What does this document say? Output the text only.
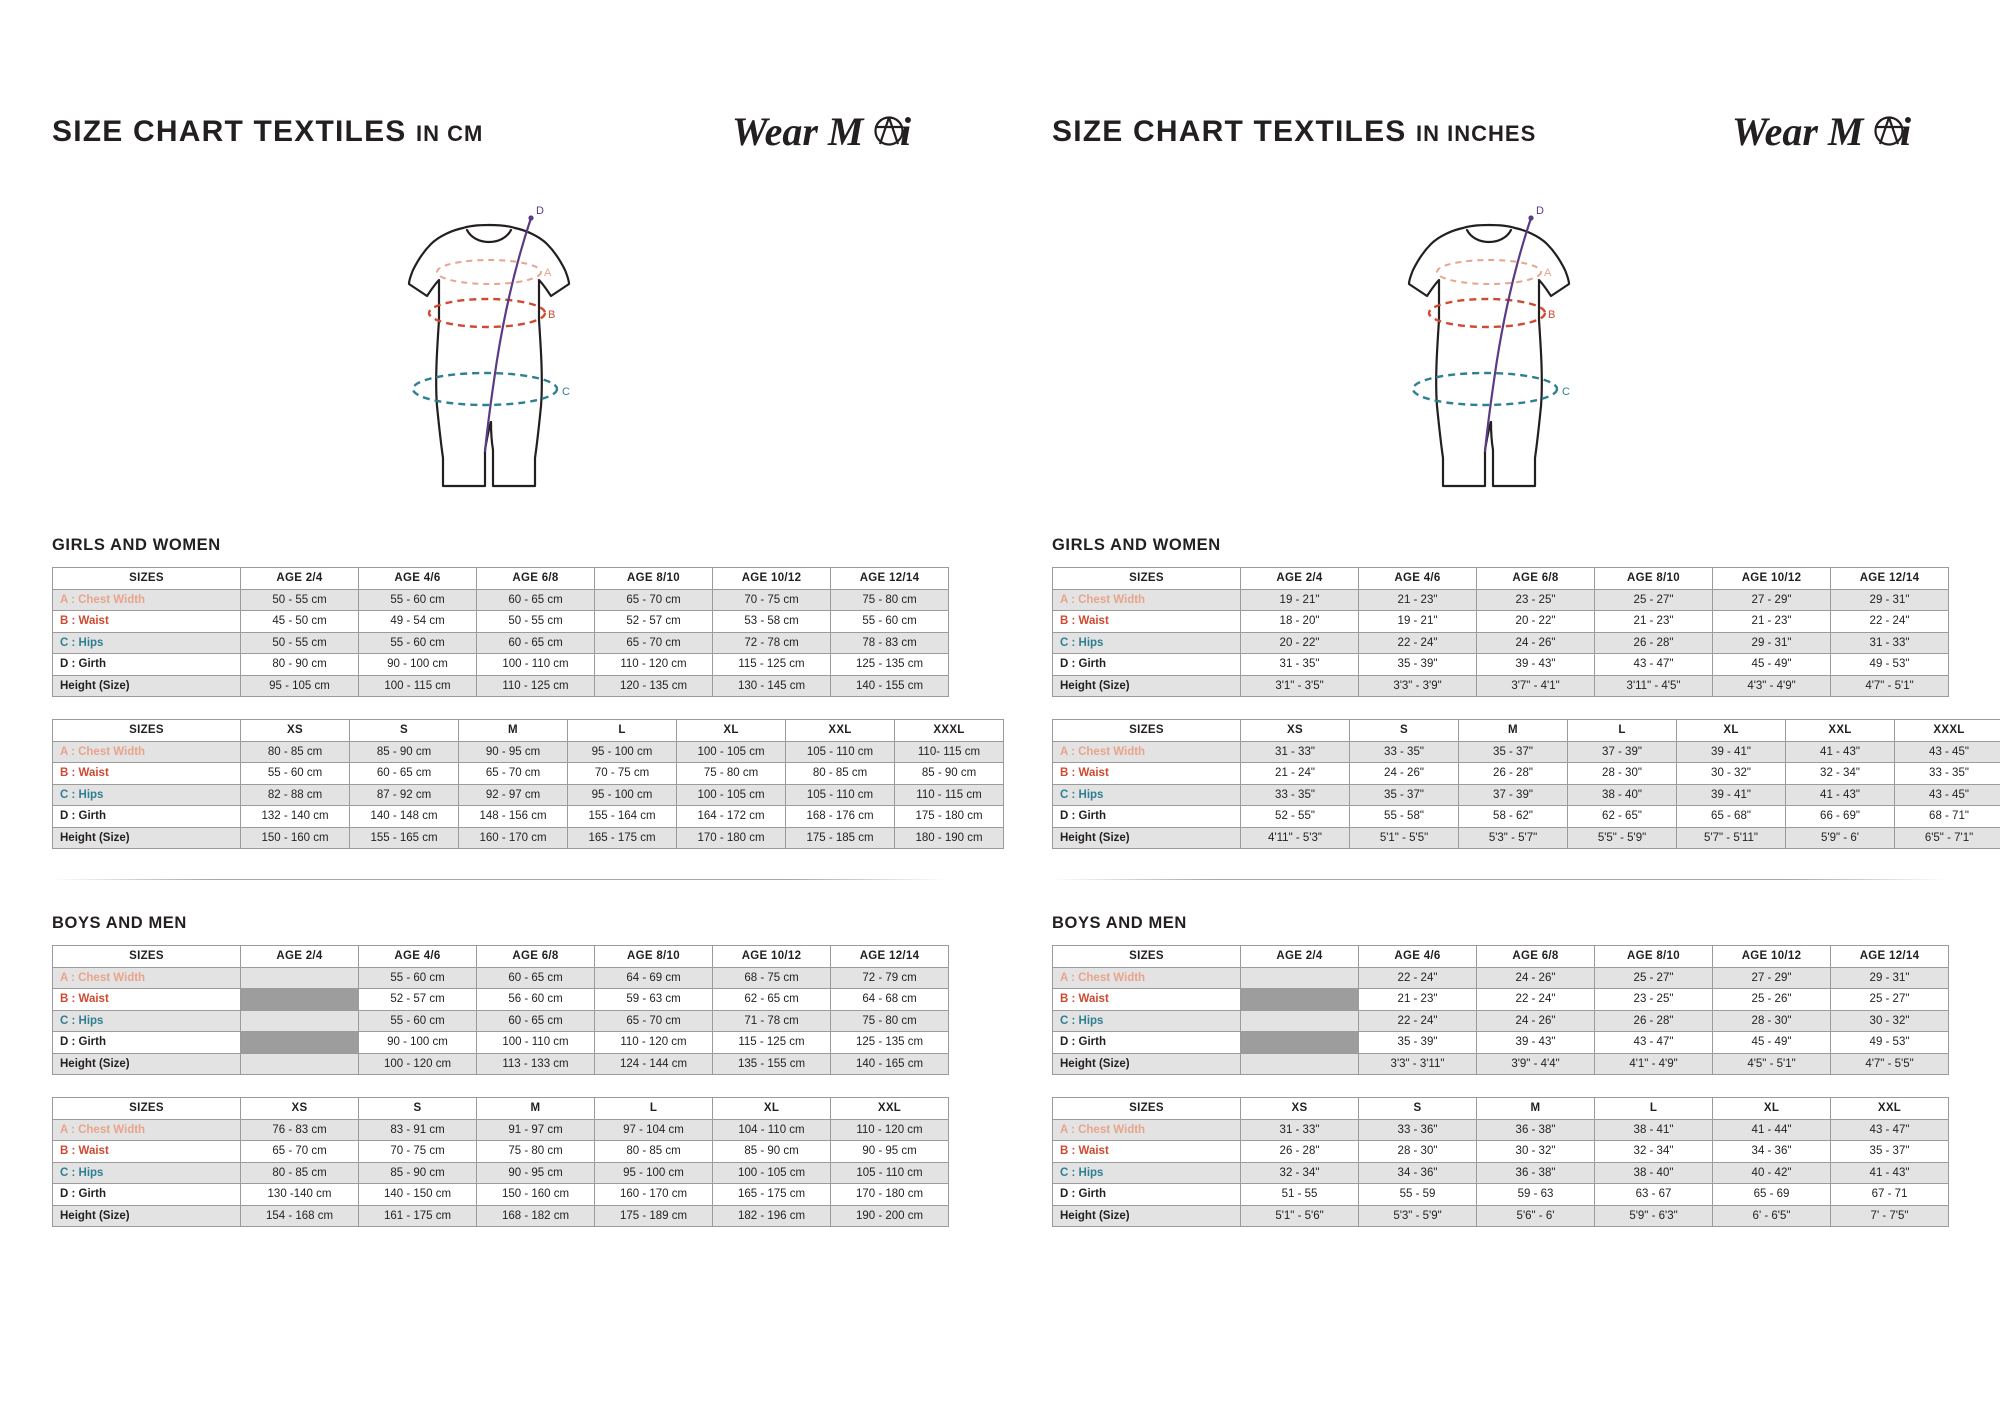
SIZE CHART TEXTILES IN CM	Wear M i
A
B
C
D
GIRLS AND WOMEN
SIZES	AGE 2/4	AGE 4/6	AGE 6/8	AGE 8/10	AGE 10/12	AGE 12/14
A : Chest Width	50 - 55 cm	55 - 60 cm	60 - 65 cm	65 - 70 cm	70 - 75 cm	75 - 80 cm
B : Waist	45 - 50 cm	49 - 54 cm	50 - 55 cm	52 - 57 cm	53 - 58 cm	55 - 60 cm
C : Hips	50 - 55 cm	55 - 60 cm	60 - 65 cm	65 - 70 cm	72 - 78 cm	78 - 83 cm
D : Girth	80 - 90 cm	90 - 100 cm	100 - 110 cm	110 - 120 cm	115 - 125 cm	125 - 135 cm
Height (Size)	95 - 105 cm	100 - 115 cm	110 - 125 cm	120 - 135 cm	130 - 145 cm	140 - 155 cm
SIZES	XS	S	M	L	XL	XXL	XXXL
A : Chest Width	80 - 85 cm	85 - 90 cm	90 - 95 cm	95 - 100 cm	100 - 105 cm	105 - 110 cm	110- 115 cm
B : Waist	55 - 60 cm	60 - 65 cm	65 - 70 cm	70 - 75 cm	75 - 80 cm	80 - 85 cm	85 - 90 cm
C : Hips	82 - 88 cm	87 - 92 cm	92 - 97 cm	95 - 100 cm	100 - 105 cm	105 - 110 cm	110 - 115 cm
D : Girth	132 - 140 cm	140 - 148 cm	148 - 156 cm	155 - 164 cm	164 - 172 cm	168 - 176 cm	175 - 180 cm
Height (Size)	150 - 160 cm	155 - 165 cm	160 - 170 cm	165 - 175 cm	170 - 180 cm	175 - 185 cm	180 - 190 cm
BOYS AND MEN
SIZES	AGE 2/4	AGE 4/6	AGE 6/8	AGE 8/10	AGE 10/12	AGE 12/14
A : Chest Width		55 - 60 cm	60 - 65 cm	64 - 69 cm	68 - 75 cm	72 - 79 cm
B : Waist		52 - 57 cm	56 - 60 cm	59 - 63 cm	62 - 65 cm	64 - 68 cm
C : Hips		55 - 60 cm	60 - 65 cm	65 - 70 cm	71 - 78 cm	75 - 80 cm
D : Girth		90 - 100 cm	100 - 110 cm	110 - 120 cm	115 - 125 cm	125 - 135 cm
Height (Size)		100 - 120 cm	113 - 133 cm	124 - 144 cm	135 - 155 cm	140 - 165 cm
SIZES	XS	S	M	L	XL	XXL
A : Chest Width	76 - 83 cm	83 - 91 cm	91 - 97 cm	97 - 104 cm	104 - 110 cm	110 - 120 cm
B : Waist	65 - 70 cm	70 - 75 cm	75 - 80 cm	80 - 85 cm	85 - 90 cm	90 - 95 cm
C : Hips	80 - 85 cm	85 - 90 cm	90 - 95 cm	95 - 100 cm	100 - 105 cm	105 - 110 cm
D : Girth	130 -140 cm	140 - 150 cm	150 - 160 cm	160 - 170 cm	165 - 175 cm	170 - 180 cm
Height (Size)	154 - 168 cm	161 - 175 cm	168 - 182 cm	175 - 189 cm	182 - 196 cm	190 - 200 cm
SIZE CHART TEXTILES IN INCHES	Wear M i
A
B
C
D
GIRLS AND WOMEN
SIZES	AGE 2/4	AGE 4/6	AGE 6/8	AGE 8/10	AGE 10/12	AGE 12/14
A : Chest Width	19 - 21"	21 - 23"	23 - 25"	25 - 27"	27 - 29"	29 - 31"
B : Waist	18 - 20"	19 - 21"	20 - 22"	21 - 23"	21 - 23"	22 - 24"
C : Hips	20 - 22"	22 - 24"	24 - 26"	26 - 28"	29 - 31"	31 - 33"
D : Girth	31 - 35"	35 - 39"	39 - 43"	43 - 47"	45 - 49"	49 - 53"
Height (Size)	3'1" - 3'5"	3'3" - 3'9"	3'7" - 4'1"	3'11" - 4'5"	4'3" - 4'9"	4'7" - 5'1"
SIZES	XS	S	M	L	XL	XXL	XXXL
A : Chest Width	31 - 33"	33 - 35"	35 - 37"	37 - 39"	39 - 41"	41 - 43"	43 - 45"
B : Waist	21 - 24"	24 - 26"	26 - 28"	28 - 30"	30 - 32"	32 - 34"	33 - 35"
C : Hips	33 - 35"	35 - 37"	37 - 39"	38 - 40"	39 - 41"	41 - 43"	43 - 45"
D : Girth	52 - 55"	55 - 58"	58 - 62"	62 - 65"	65 - 68"	66 - 69"	68 - 71"
Height (Size)	4'11" - 5'3"	5'1" - 5'5"	5'3" - 5'7"	5'5" - 5'9"	5'7" - 5'11"	5'9" - 6'	6'5" - 7'1"
BOYS AND MEN
SIZES	AGE 2/4	AGE 4/6	AGE 6/8	AGE 8/10	AGE 10/12	AGE 12/14
A : Chest Width		22 - 24"	24 - 26"	25 - 27"	27 - 29"	29 - 31"
B : Waist		21 - 23"	22 - 24"	23 - 25"	25 - 26"	25 - 27"
C : Hips		22 - 24"	24 - 26"	26 - 28"	28 - 30"	30 - 32"
D : Girth		35 - 39"	39 - 43"	43 - 47"	45 - 49"	49 - 53"
Height (Size)		3'3" - 3'11"	3'9" - 4'4"	4'1" - 4'9"	4'5" - 5'1"	4'7" - 5'5"
SIZES	XS	S	M	L	XL	XXL
A : Chest Width	31 - 33"	33 - 36"	36 - 38"	38 - 41"	41 - 44"	43 - 47"
B : Waist	26 - 28"	28 - 30"	30 - 32"	32 - 34"	34 - 36"	35 - 37"
C : Hips	32 - 34"	34 - 36"	36 - 38"	38 - 40"	40 - 42"	41 - 43"
D : Girth	51 - 55	55 - 59	59 - 63	63 - 67	65 - 69	67 - 71
Height (Size)	5'1" - 5'6"	5'3" - 5'9"	5'6" - 6'	5'9" - 6'3"	6' - 6'5"	7' - 7'5"
